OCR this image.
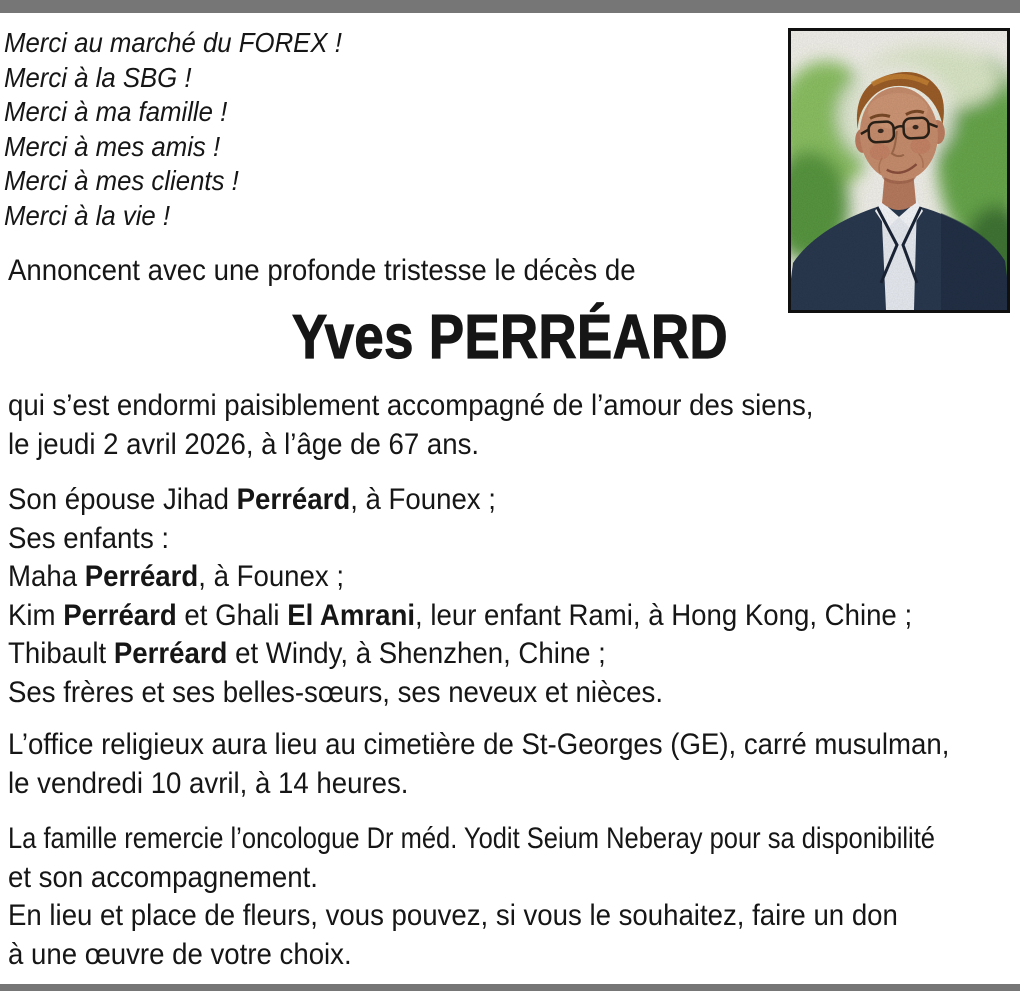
Merci au marché du FOREX !

Merci à la SBG !

Merci à ma famille !

Merci à mes amis !

Merci à mes clients !

Merci à la vie !

Annoncent avec une profonde tristesse le décès de

Yves PERRÉARD

qui s’est endormi paisiblement accompagné de l’amour des siens,

le jeudi 2 avril 2026, à l’âge de 67 ans.

Son épouse Jihad Perréard, à Founex ;

Ses enfants :

Maha Perréard, à Founex ;

Kim Perréard et Ghali El Amrani, leur enfant Rami, à Hong Kong, Chine ;

Thibault Perréard et Windy, à Shenzhen, Chine ;

Ses frères et ses belles-sœurs, ses neveux et nièces.

L’office religieux aura lieu au cimetière de St-Georges (GE), carré musulman,

le vendredi 10 avril, à 14 heures.

La famille remercie l’oncologue Dr méd. Yodit Seium Neberay pour sa disponibilité

et son accompagnement.

En lieu et place de fleurs, vous pouvez, si vous le souhaitez, faire un don

à une œuvre de votre choix.
